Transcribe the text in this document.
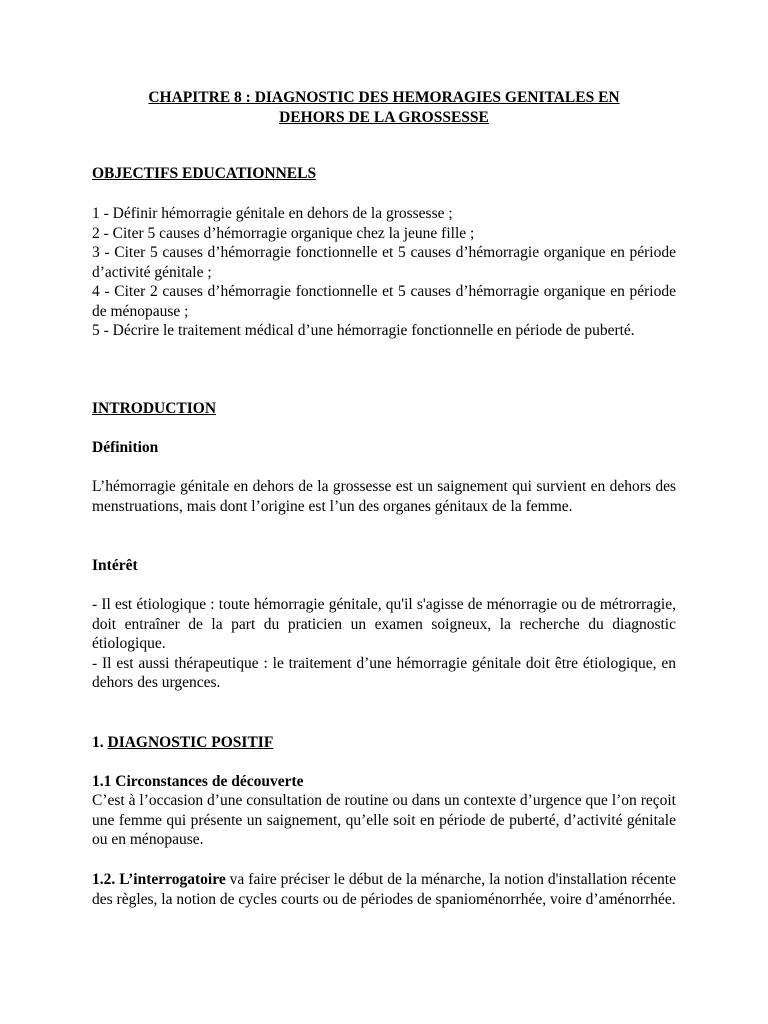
CHAPITRE 8 : DIAGNOSTIC DES HEMORAGIES GENITALES EN
DEHORS DE LA GROSSESSE
OBJECTIFS EDUCATIONNELS

1 - Définir hémorragie génitale en dehors de la grossesse ;

2 - Citer 5 causes d’hémorragie organique chez la jeune fille ;

3 - Citer 5 causes d’hémorragie fonctionnelle et 5 causes d’hémorragie organique en période d’activité génitale ;

4 - Citer 2 causes d’hémorragie fonctionnelle et 5 causes d’hémorragie organique en période de ménopause ;

5 - Décrire le traitement médical d’une hémorragie fonctionnelle en période de puberté.

INTRODUCTION
Définition

L’hémorragie génitale en dehors de la grossesse est un saignement qui survient en dehors des menstruations, mais dont l’origine est l’un des organes génitaux de la femme.

Intérêt

- Il est étiologique : toute hémorragie génitale, qu'il s'agisse de ménorragie ou de métrorragie, doit entraîner de la part du praticien un examen soigneux, la recherche du diagnostic étiologique.

- Il est aussi thérapeutique : le traitement d’une hémorragie génitale doit être étiologique, en dehors des urgences.

1. DIAGNOSTIC POSITIF
1.1 Circonstances de découverte

C’est à l’occasion d’une consultation de routine ou dans un contexte d’urgence que l’on reçoit une femme qui présente un saignement, qu’elle soit en période de puberté, d’activité génitale ou en ménopause.

1.2. L’interrogatoire va faire préciser le début de la ménarche, la notion d'installation récente des règles, la notion de cycles courts ou de périodes de spanioménorrhée, voire d’aménorrhée.
